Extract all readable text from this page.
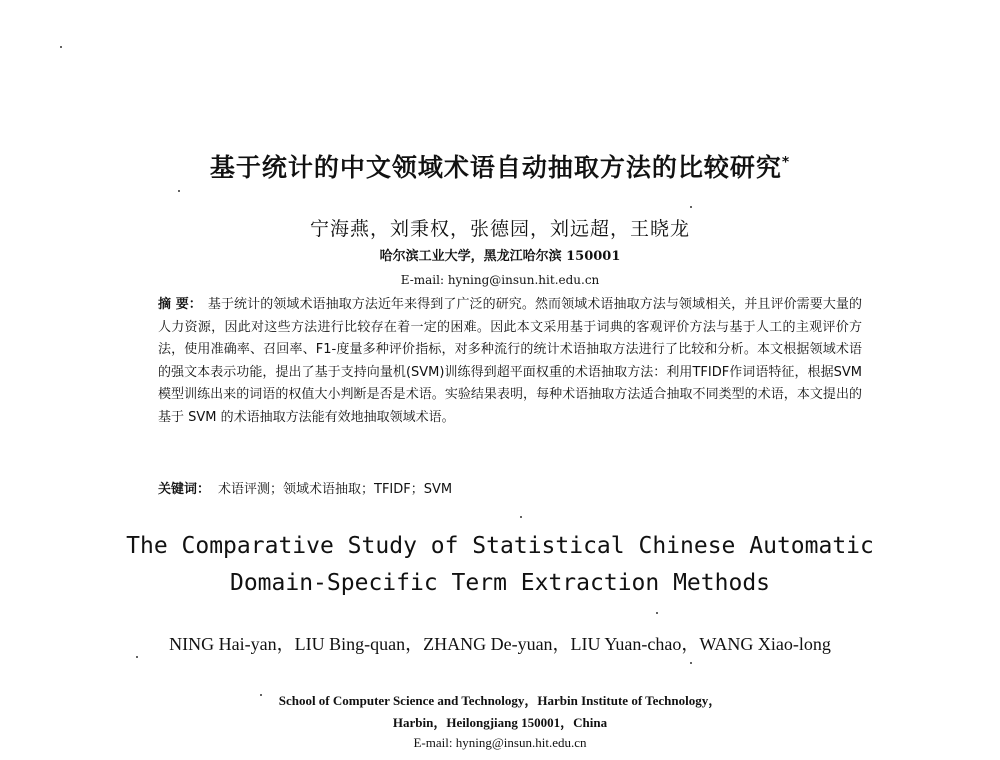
基于统计的中文领域术语自动抽取方法的比较研究*
宁海燕，刘秉权，张德园，刘远超，王晓龙
哈尔滨工业大学，黑龙江哈尔滨 150001
E-mail: hyning@insun.hit.edu.cn
摘 要： 基于统计的领域术语抽取方法近年来得到了广泛的研究。然而领域术语抽取方法与领域相关，并且评价需要大量的人力资源，因此对这些方法进行比较存在着一定的困难。因此本文采用基于词典的客观评价方法与基于人工的主观评价方法，使用准确率、召回率、F1-度量多种评价指标，对多种流行的统计术语抽取方法进行了比较和分析。本文根据领域术语的强文本表示功能，提出了基于支持向量机(SVM)训练得到超平面权重的术语抽取方法：利用TFIDF作词语特征，根据SVM模型训练出来的词语的权值大小判断是否是术语。实验结果表明，每种术语抽取方法适合抽取不同类型的术语，本文提出的基于 SVM 的术语抽取方法能有效地抽取领域术语。
关键词： 术语评测；领域术语抽取；TFIDF；SVM
The Comparative Study of Statistical Chinese Automatic
Domain-Specific Term Extraction Methods
NING Hai-yan，LIU Bing-quan，ZHANG De-yuan，LIU Yuan-chao，WANG Xiao-long
School of Computer Science and Technology，Harbin Institute of Technology，
Harbin，Heilongjiang 150001，China
E-mail: hyning@insun.hit.edu.cn
